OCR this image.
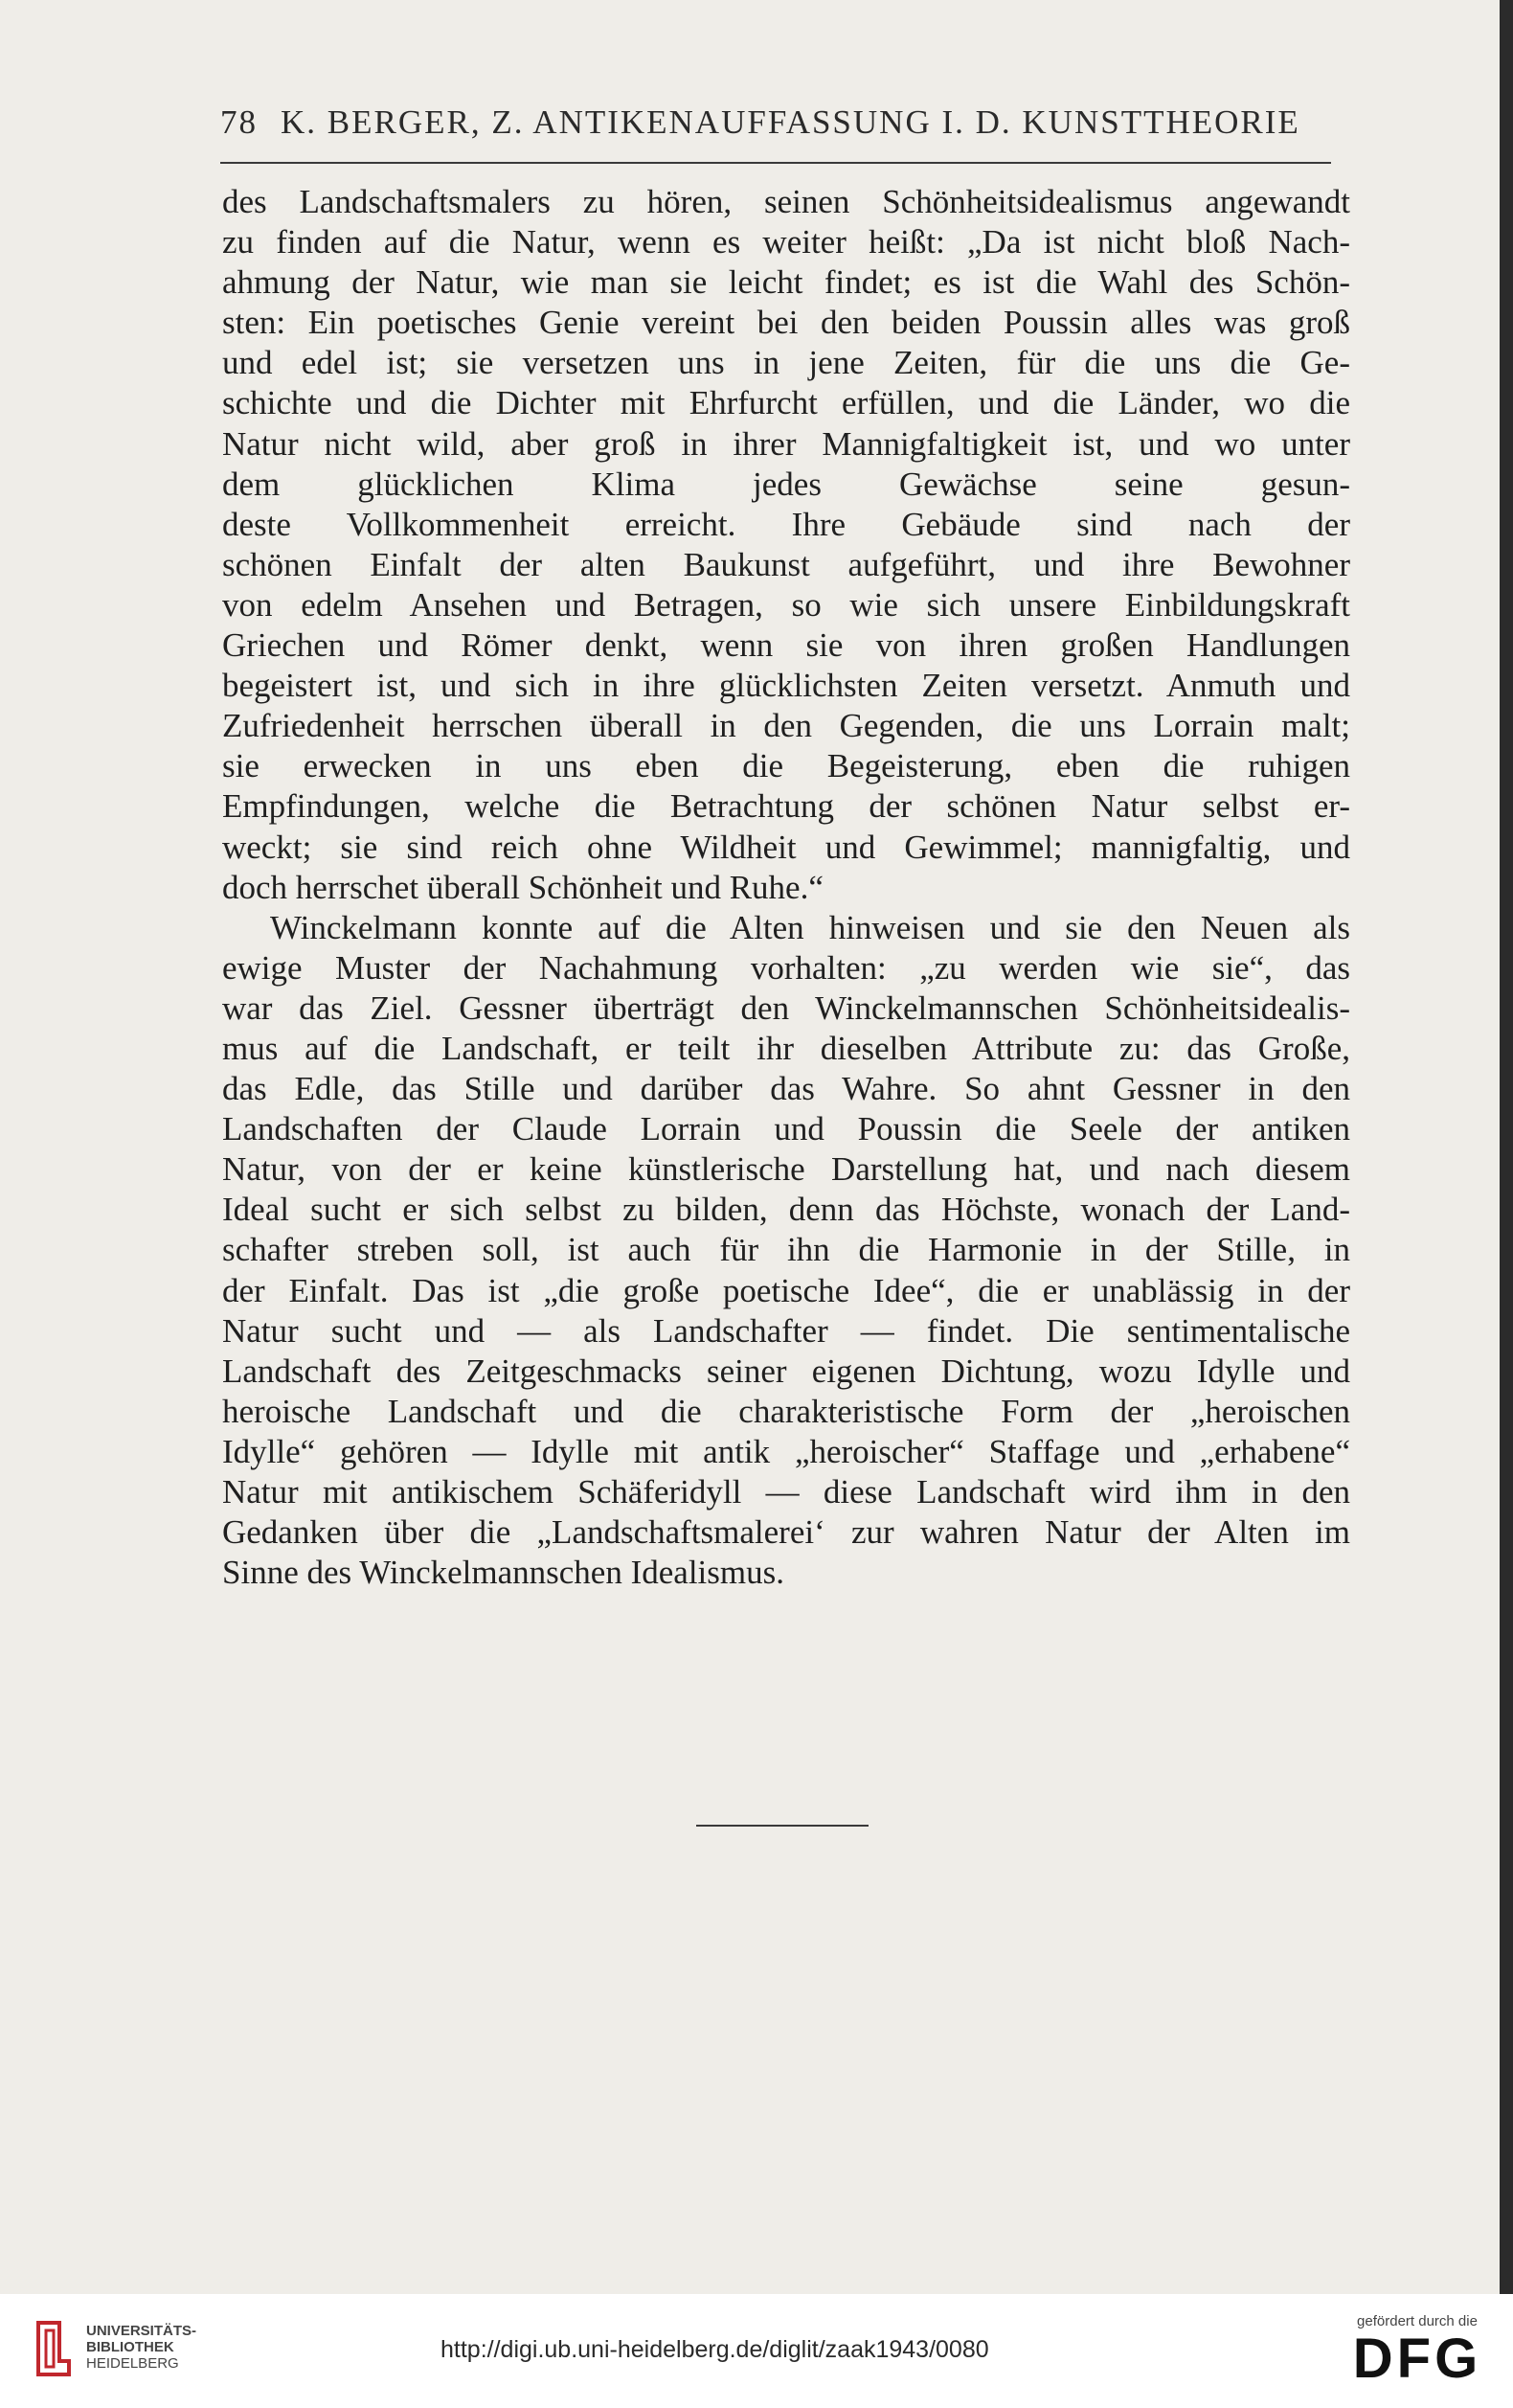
78 K. BERGER, Z. ANTIKENAUFFASSUNG I. D. KUNSTTHEORIE
des Landschaftsmalers zu hören, seinen Schönheitsidealismus angewandt
zu finden auf die Natur, wenn es weiter heißt: „Da ist nicht bloß Nach-
ahmung der Natur, wie man sie leicht findet; es ist die Wahl des Schön-
sten: Ein poetisches Genie vereint bei den beiden Poussin alles was groß
und edel ist; sie versetzen uns in jene Zeiten, für die uns die Ge-
schichte und die Dichter mit Ehrfurcht erfüllen, und die Länder, wo die
Natur nicht wild, aber groß in ihrer Mannigfaltigkeit ist, und wo unter
dem glücklichen Klima jedes Gewächse seine gesun-
deste Vollkommenheit erreicht. Ihre Gebäude sind nach der
schönen Einfalt der alten Baukunst aufgeführt, und ihre Bewohner
von edelm Ansehen und Betragen, so wie sich unsere Einbildungskraft
Griechen und Römer denkt, wenn sie von ihren großen Handlungen
begeistert ist, und sich in ihre glücklichsten Zeiten versetzt. Anmuth und
Zufriedenheit herrschen überall in den Gegenden, die uns Lorrain malt;
sie erwecken in uns eben die Begeisterung, eben die ruhigen
Empfindungen, welche die Betrachtung der schönen Natur selbst er-
weckt; sie sind reich ohne Wildheit und Gewimmel; mannigfaltig, und
doch herrschet überall Schönheit und Ruhe.“
Winckelmann konnte auf die Alten hinweisen und sie den Neuen als
ewige Muster der Nachahmung vorhalten: „zu werden wie sie“, das
war das Ziel. Gessner überträgt den Winckelmannschen Schönheitsidealis-
mus auf die Landschaft, er teilt ihr dieselben Attribute zu: das Große,
das Edle, das Stille und darüber das Wahre. So ahnt Gessner in den
Landschaften der Claude Lorrain und Poussin die Seele der antiken
Natur, von der er keine künstlerische Darstellung hat, und nach diesem
Ideal sucht er sich selbst zu bilden, denn das Höchste, wonach der Land-
schafter streben soll, ist auch für ihn die Harmonie in der Stille, in
der Einfalt. Das ist „die große poetische Idee“, die er unablässig in der
Natur sucht und — als Landschafter — findet. Die sentimentalische
Landschaft des Zeitgeschmacks seiner eigenen Dichtung, wozu Idylle und
heroische Landschaft und die charakteristische Form der „heroischen
Idylle“ gehören — Idylle mit antik „heroischer“ Staffage und „erhabene“
Natur mit antikischem Schäferidyll — diese Landschaft wird ihm in den
Gedanken über die „Landschaftsmalerei‘ zur wahren Natur der Alten im
Sinne des Winckelmannschen Idealismus.
UNIVERSITÄTS-
BIBLIOTHEK
HEIDELBERG
http://digi.ub.uni-heidelberg.de/diglit/zaak1943/0080
gefördert durch die
DFG
